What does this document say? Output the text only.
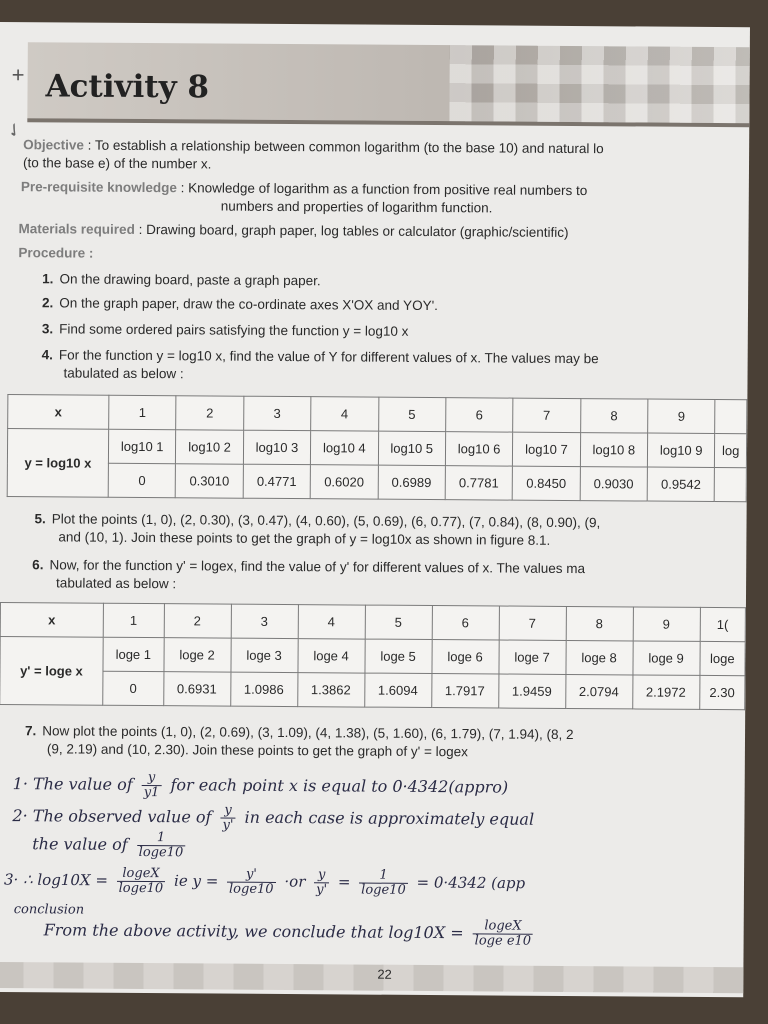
+ Activity 8
✓
Objective : To establish a relationship between common logarithm (to the base 10) and natural lo
(to the base e) of the number x.
Pre-requisite knowledge : Knowledge of logarithm as a function from positive real numbers to
numbers and properties of logarithm function.
Materials required : Drawing board, graph paper, log tables or calculator (graphic/scientific)
Procedure :
1. On the drawing board, paste a graph paper.
2. On the graph paper, draw the co-ordinate axes X'OX and YOY'.
3. Find some ordered pairs satisfying the function y = log10 x
4. For the function y = log10 x, find the value of Y for different values of x. The values may be
tabulated as below :
x	1	2	3	4	5	6	7	8	9	
y = log10 x	log10 1	log10 2	log10 3	log10 4	log10 5	log10 6	log10 7	log10 8	log10 9	log
	0	0.3010	0.4771	0.6020	0.6989	0.7781	0.8450	0.9030	0.9542	
5. Plot the points (1, 0), (2, 0.30), (3, 0.47), (4, 0.60), (5, 0.69), (6, 0.77), (7, 0.84), (8, 0.90), (9,
and (10, 1). Join these points to get the graph of y = log10x as shown in figure 8.1.
6. Now, for the function y' = logex, find the value of y' for different values of x. The values ma
tabulated as below :
x	1	2	3	4	5	6	7	8	9	1(
y' = loge x	loge 1	loge 2	loge 3	loge 4	loge 5	loge 6	loge 7	loge 8	loge 9	loge
	0	0.6931	1.0986	1.3862	1.6094	1.7917	1.9459	2.0794	2.1972	2.30
7. Now plot the points (1, 0), (2, 0.69), (3, 1.09), (4, 1.38), (5, 1.60), (6, 1.79), (7, 1.94), (8, 2
(9, 2.19) and (10, 2.30). Join these points to get the graph of y' = logex
1· The value of $\frac{y}{y1}$ for each point x is equal to 0·4342(appro)
2· The observed value of $\frac{y}{y'}$ in each case is approximately equal
the value of $\frac{1}{\log e10}$
3· ∴ $\log 10X = \frac{\text{logeX}}{\log e10}$ ie $y = \frac{y'}{\log e10} \cdot or \frac{y}{y'} = \frac{1}{\log e10} = 0\cdot 4342$ (app
conclusion
From the above activity, we conclude that $\log 10X = \frac{\text{logeX}}{\text{loge e10}}$
22
